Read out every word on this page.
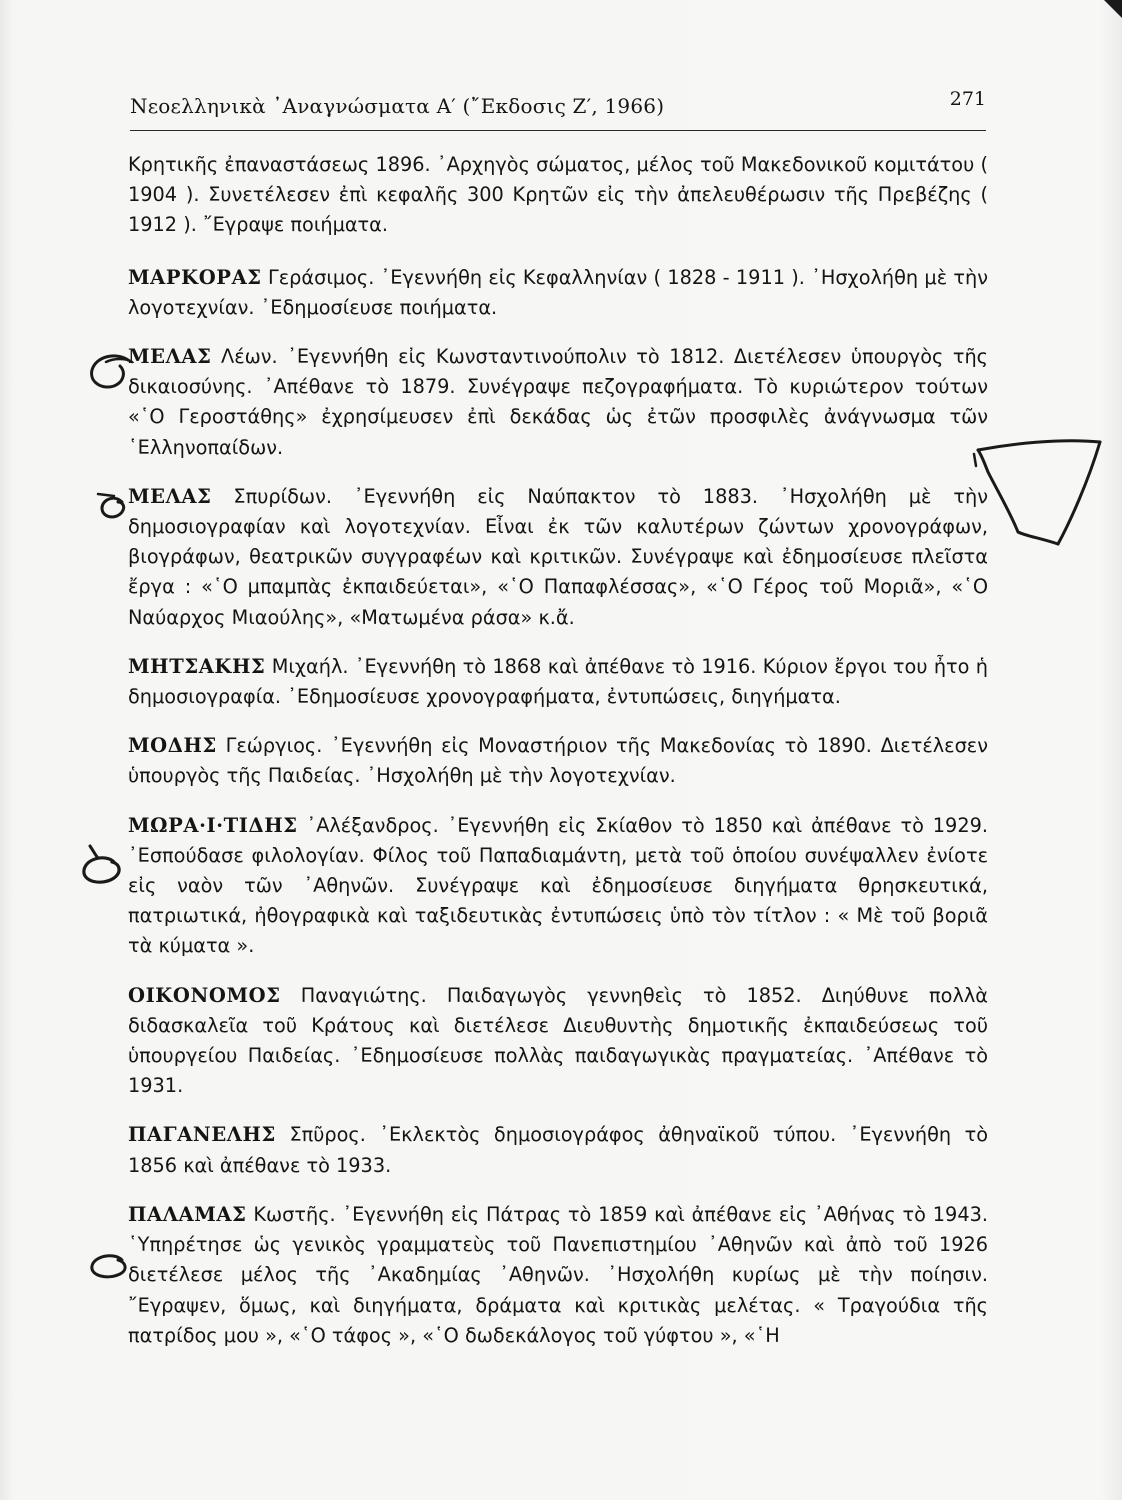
Νεοελληνικὰ ᾿Αναγνώσματα Α′ (῎Εκδοσις Ζ′, 1966)	271

Κρητικῆς ἐπαναστάσεως 1896. ᾿Αρχηγὸς σώματος, μέλος τοῦ Μακεδονικοῦ κομιτάτου ( 1904 ). Συνετέλεσεν ἐπὶ κεφαλῆς 300 Κρητῶν εἰς τὴν ἀπελευθέρωσιν τῆς Πρεβέζης ( 1912 ). ῎Εγραψε ποιήματα.

ΜΑΡΚΟΡΑΣ Γεράσιμος. ᾿Εγεννήθη εἰς Κεφαλληνίαν ( 1828 - 1911 ). ᾿Ησχολήθη μὲ τὴν λογοτεχνίαν. ᾿Εδημοσίευσε ποιήματα.

ΜΕΛΑΣ Λέων. ᾿Εγεννήθη εἰς Κωνσταντινούπολιν τὸ 1812. Διετέλεσεν ὑπουργὸς τῆς δικαιοσύνης. ᾿Απέθανε τὸ 1879. Συνέγραψε πεζογραφήματα. Τὸ κυριώτερον τούτων «῾Ο Γεροστάθης» ἐχρησίμευσεν ἐπὶ δεκάδας ὡς ἐτῶν προσφιλὲς ἀνάγνωσμα τῶν ῾Ελληνοπαίδων.

ΜΕΛΑΣ Σπυρίδων. ᾿Εγεννήθη εἰς Ναύπακτον τὸ 1883. ᾿Ησχολήθη μὲ τὴν δημοσιογραφίαν καὶ λογοτεχνίαν. Εἶναι ἐκ τῶν καλυτέρων ζώντων χρονογράφων, βιογράφων, θεατρικῶν συγγραφέων καὶ κριτικῶν. Συνέγραψε καὶ ἐδημοσίευσε πλεῖστα ἔργα : «῾Ο μπαμπὰς ἐκπαιδεύεται», «῾Ο Παπαφλέσσας», «῾Ο Γέρος τοῦ Μοριᾶ», «῾Ο Ναύαρχος Μιαούλης», «Ματωμένα ράσα» κ.ἄ.

ΜΗΤΣΑΚΗΣ Μιχαήλ. ᾿Εγεννήθη τὸ 1868 καὶ ἀπέθανε τὸ 1916. Κύριον ἔργοι του ἦτο ἡ δημοσιογραφία. ᾿Εδημοσίευσε χρονογραφήματα, ἐντυπώσεις, διηγήματα.

ΜΟΔΗΣ Γεώργιος. ᾿Εγεννήθη εἰς Μοναστήριον τῆς Μακεδονίας τὸ 1890. Διετέλεσεν ὑπουργὸς τῆς Παιδείας. ᾿Ησχολήθη μὲ τὴν λογοτεχνίαν.

ΜΩΡΑ·Ι·ΤΙΔΗΣ ᾿Αλέξανδρος. ᾿Εγεννήθη εἰς Σκίαθον τὸ 1850 καὶ ἀπέθανε τὸ 1929. ᾿Εσπούδασε φιλολογίαν. Φίλος τοῦ Παπαδιαμάντη, μετὰ τοῦ ὁποίου συνέψαλλεν ἐνίοτε εἰς ναὸν τῶν ᾿Αθηνῶν. Συνέγραψε καὶ ἐδημοσίευσε διηγήματα θρησκευτικά, πατριωτικά, ἠθογραφικὰ καὶ ταξιδευτικὰς ἐντυπώσεις ὑπὸ τὸν τίτλον : « Μὲ τοῦ βοριᾶ τὰ κύματα ».

ΟΙΚΟΝΟΜΟΣ Παναγιώτης. Παιδαγωγὸς γεννηθεὶς τὸ 1852. Διηύθυνε πολλὰ διδασκαλεῖα τοῦ Κράτους καὶ διετέλεσε Διευθυντὴς δημοτικῆς ἐκπαιδεύσεως τοῦ ὑπουργείου Παιδείας. ᾿Εδημοσίευσε πολλὰς παιδαγωγικὰς πραγματείας. ᾿Απέθανε τὸ 1931.

ΠΑΓΑΝΕΛΗΣ Σπῦρος. ᾿Εκλεκτὸς δημοσιογράφος ἀθηναϊκοῦ τύπου. ᾿Εγεννήθη τὸ 1856 καὶ ἀπέθανε τὸ 1933.

ΠΑΛΑΜΑΣ Κωστῆς. ᾿Εγεννήθη εἰς Πάτρας τὸ 1859 καὶ ἀπέθανε εἰς ᾿Αθήνας τὸ 1943. ῾Υπηρέτησε ὡς γενικὸς γραμματεὺς τοῦ Πανεπιστημίου ᾿Αθηνῶν καὶ ἀπὸ τοῦ 1926 διετέλεσε μέλος τῆς ᾿Ακαδημίας ᾿Αθηνῶν. ᾿Ησχολήθη κυρίως μὲ τὴν ποίησιν. ῎Εγραψεν, ὅμως, καὶ διηγήματα, δράματα καὶ κριτικὰς μελέτας. « Τραγούδια τῆς πατρίδος μου », «῾Ο τάφος », «῾Ο δωδεκάλογος τοῦ γύφτου », «῾Η
